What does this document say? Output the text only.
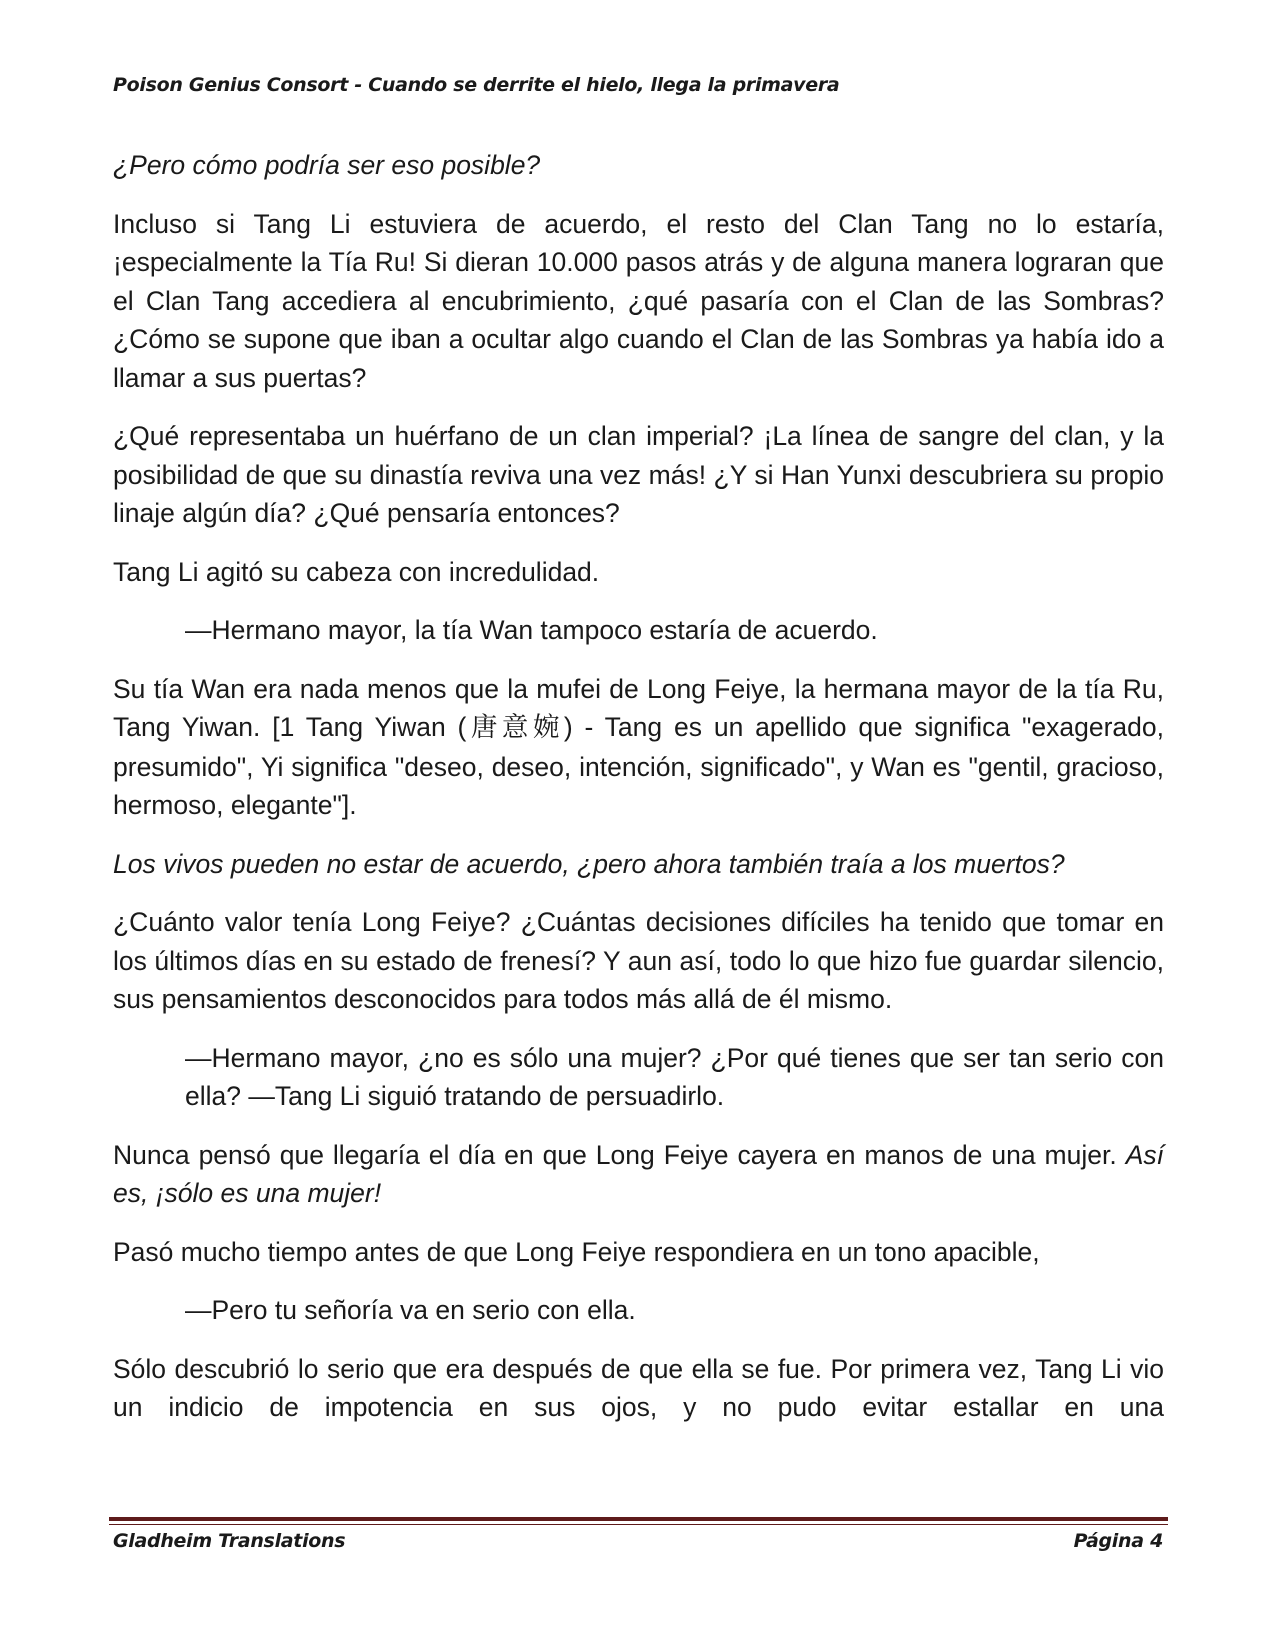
Poison Genius Consort - Cuando se derrite el hielo, llega la primavera

¿Pero cómo podría ser eso posible?

Incluso si Tang Li estuviera de acuerdo, el resto del Clan Tang no lo estaría, ¡especialmente la Tía Ru! Si dieran 10.000 pasos atrás y de alguna manera lograran que el Clan Tang accediera al encubrimiento, ¿qué pasaría con el Clan de las Sombras? ¿Cómo se supone que iban a ocultar algo cuando el Clan de las Sombras ya había ido a llamar a sus puertas?

¿Qué representaba un huérfano de un clan imperial? ¡La línea de sangre del clan, y la posibilidad de que su dinastía reviva una vez más! ¿Y si Han Yunxi descubriera su propio linaje algún día? ¿Qué pensaría entonces?

Tang Li agitó su cabeza con incredulidad.

—Hermano mayor, la tía Wan tampoco estaría de acuerdo.

Su tía Wan era nada menos que la mufei de Long Feiye, la hermana mayor de la tía Ru, Tang Yiwan. [1 Tang Yiwan (唐意婉) - Tang es un apellido que significa "exagerado, presumido", Yi significa "deseo, deseo, intención, significado", y Wan es "gentil, gracioso, hermoso, elegante"].

Los vivos pueden no estar de acuerdo, ¿pero ahora también traía a los muertos?

¿Cuánto valor tenía Long Feiye? ¿Cuántas decisiones difíciles ha tenido que tomar en los últimos días en su estado de frenesí? Y aun así, todo lo que hizo fue guardar silencio, sus pensamientos desconocidos para todos más allá de él mismo.

—Hermano mayor, ¿no es sólo una mujer? ¿Por qué tienes que ser tan serio con ella? —Tang Li siguió tratando de persuadirlo.

Nunca pensó que llegaría el día en que Long Feiye cayera en manos de una mujer. Así es, ¡sólo es una mujer!

Pasó mucho tiempo antes de que Long Feiye respondiera en un tono apacible,

—Pero tu señoría va en serio con ella.

Sólo descubrió lo serio que era después de que ella se fue. Por primera vez, Tang Li vio un indicio de impotencia en sus ojos, y no pudo evitar estallar en una

Gladheim Translations	Página 4
